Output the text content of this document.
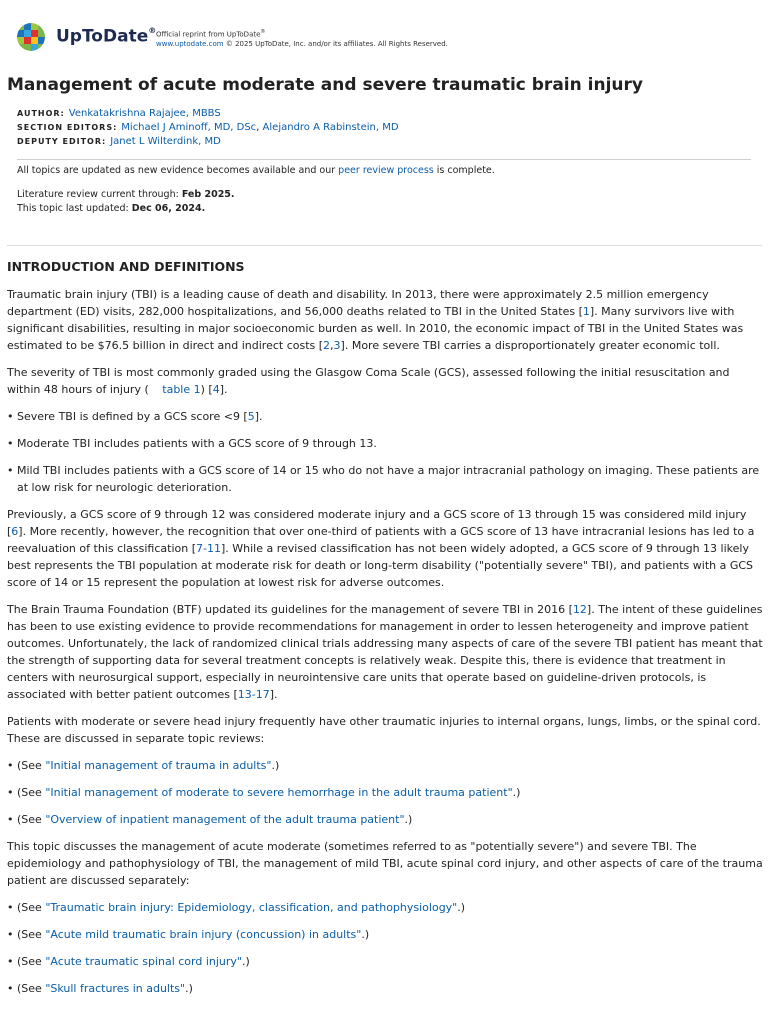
UpToDate® Official reprint from UpToDate®
www.uptodate.com © 2025 UpToDate, Inc. and/or its affiliates. All Rights Reserved.
Management of acute moderate and severe traumatic brain injury
AUTHOR: Venkatakrishna Rajajee, MBBS
SECTION EDITORS: Michael J Aminoff, MD, DSc, Alejandro A Rabinstein, MD
DEPUTY EDITOR: Janet L Wilterdink, MD
All topics are updated as new evidence becomes available and our peer review process is complete.
Literature review current through: Feb 2025.
This topic last updated: Dec 06, 2024.
INTRODUCTION AND DEFINITIONS

Traumatic brain injury (TBI) is a leading cause of death and disability. In 2013, there were approximately 2.5 million emergency department (ED) visits, 282,000 hospitalizations, and 56,000 deaths related to TBI in the United States [1]. Many survivors live with significant disabilities, resulting in major socioeconomic burden as well. In 2010, the economic impact of TBI in the United States was estimated to be $76.5 billion in direct and indirect costs [2,3]. More severe TBI carries a disproportionately greater economic toll.

The severity of TBI is most commonly graded using the Glasgow Coma Scale (GCS), assessed following the initial resuscitation and within 48 hours of injury ( table 1) [4].

• Severe TBI is defined by a GCS score <9 [5].
• Moderate TBI includes patients with a GCS score of 9 through 13.
• Mild TBI includes patients with a GCS score of 14 or 15 who do not have a major intracranial pathology on imaging. These patients are at low risk for neurologic deterioration.

Previously, a GCS score of 9 through 12 was considered moderate injury and a GCS score of 13 through 15 was considered mild injury [6]. More recently, however, the recognition that over one-third of patients with a GCS score of 13 have intracranial lesions has led to a reevaluation of this classification [7-11]. While a revised classification has not been widely adopted, a GCS score of 9 through 13 likely best represents the TBI population at moderate risk for death or long-term disability ("potentially severe" TBI), and patients with a GCS score of 14 or 15 represent the population at lowest risk for adverse outcomes.

The Brain Trauma Foundation (BTF) updated its guidelines for the management of severe TBI in 2016 [12]. The intent of these guidelines has been to use existing evidence to provide recommendations for management in order to lessen heterogeneity and improve patient outcomes. Unfortunately, the lack of randomized clinical trials addressing many aspects of care of the severe TBI patient has meant that the strength of supporting data for several treatment concepts is relatively weak. Despite this, there is evidence that treatment in centers with neurosurgical support, especially in neurointensive care units that operate based on guideline-driven protocols, is associated with better patient outcomes [13-17].

Patients with moderate or severe head injury frequently have other traumatic injuries to internal organs, lungs, limbs, or the spinal cord. These are discussed in separate topic reviews:

• (See "Initial management of trauma in adults".)
• (See "Initial management of moderate to severe hemorrhage in the adult trauma patient".)
• (See "Overview of inpatient management of the adult trauma patient".)

This topic discusses the management of acute moderate (sometimes referred to as "potentially severe") and severe TBI. The epidemiology and pathophysiology of TBI, the management of mild TBI, acute spinal cord injury, and other aspects of care of the trauma patient are discussed separately:

• (See "Traumatic brain injury: Epidemiology, classification, and pathophysiology".)
• (See "Acute mild traumatic brain injury (concussion) in adults".)
• (See "Acute traumatic spinal cord injury".)
• (See "Skull fractures in adults".)
